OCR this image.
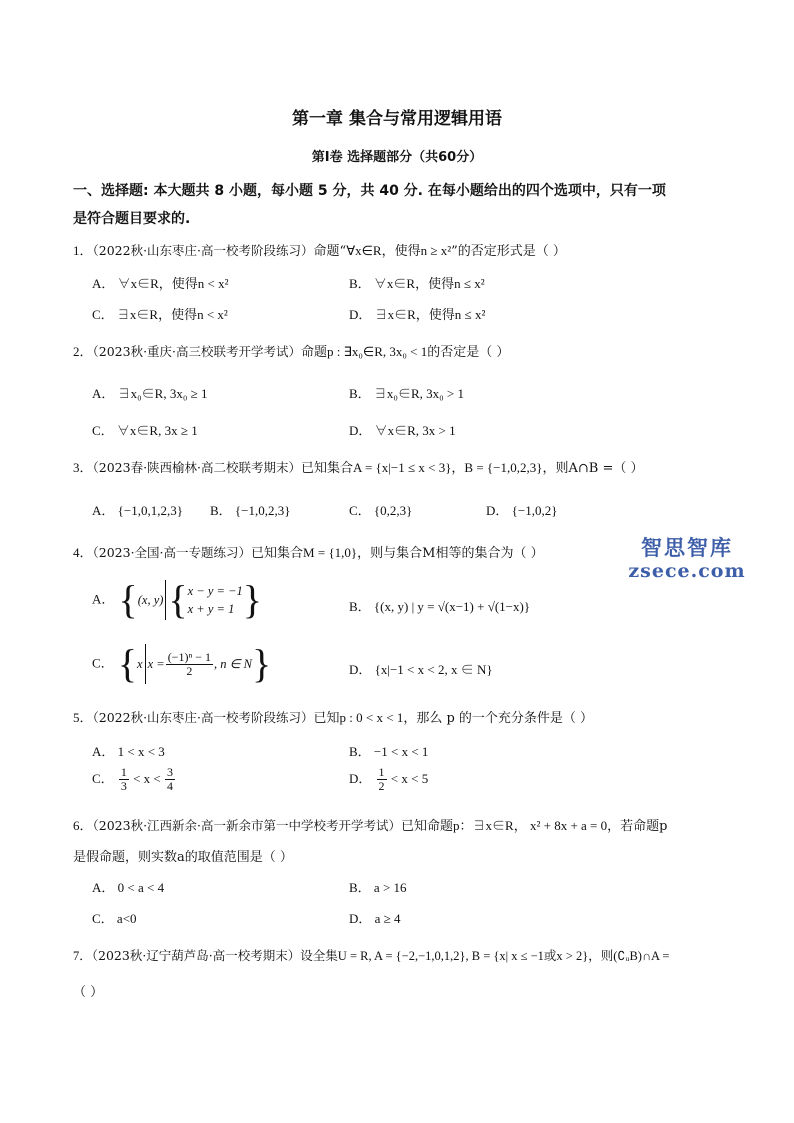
第一章 集合与常用逻辑用语
第Ⅰ卷 选择题部分（共60分）
一、选择题: 本大题共 8 小题，每小题 5 分，共 40 分. 在每小题给出的四个选项中，只有一项
是符合题目要求的.
1．（2022秋·山东枣庄·高一校考阶段练习）命题“∀x∈R，使得n ≥ x²”的否定形式是（ ）
A． ∀x∈R，使得n < x²	B． ∀x∈R，使得n ≤ x²
C． ∃x∈R，使得n < x²	D． ∃x∈R，使得n ≤ x²
2．（2023秋·重庆·高三校联考开学考试）命题p : ∃x₀∈R, 3x₀ < 1的否定是（ ）
A． ∃x₀∈R, 3x₀ ≥ 1	B． ∃x₀∈R, 3x₀ > 1
C． ∀x∈R, 3x ≥ 1	D． ∀x∈R, 3x > 1
3．（2023春·陕西榆林·高二校联考期末）已知集合A = {x|−1 ≤ x < 3}，B = {−1,0,2,3}，则A∩B =（ ）
A． {−1,0,1,2,3} B． {−1,0,2,3}	C． {0,2,3}	D． {−1,0,2}
4．（2023·全国·高一专题练习）已知集合M = {1,0}，则与集合M相等的集合为（ ）
A． {(x, y) { x − y = −1
x + y = 1 }	B． {(x, y) | y = √(x−1) + √(1−x)}
C． {x $x = \frac{\text{(−1)ⁿ − 1}}{2}$ , n ∈ N}	D． {x|−1 < x < 2, x ∈ N}
5．（2022秋·山东枣庄·高一校考阶段练习）已知p : 0 < x < 1，那么 p 的一个充分条件是（ ）
A． 1 < x < 3	B． −1 < x < 1
C． $\frac{1}{3} < x < \frac{3}{4}$	D． $\frac{1}{2} < x < 5$
6．（2023秋·江西新余·高一新余市第一中学校考开学考试）已知命题p：∃x∈R， x² + 8x + a = 0，若命题p
是假命题，则实数a的取值范围是（ ）
A． 0 < a < 4	B． a > 16
C． a<0	D． a ≥ 4
7．（2023秋·辽宁葫芦岛·高一校考期末）设全集U = R, A = {−2,−1,0,1,2}, B = {x| x ≤ −1或x > 2}，则(∁ᵤB)∩A =
（ ）
智思智库
zsece.com
